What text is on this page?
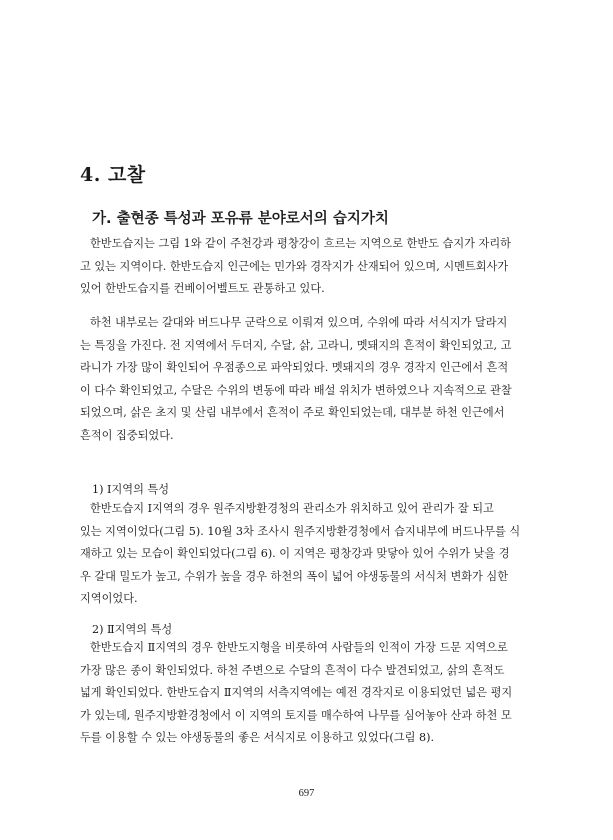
4. 고찰
가. 출현종 특성과 포유류 분야로서의 습지가치

한반도습지는 그림 1와 같이 주천강과 평창강이 흐르는 지역으로 한반도 습지가 자리하
고 있는 지역이다. 한반도습지 인근에는 민가와 경작지가 산재되어 있으며, 시멘트회사가
있어 한반도습지를 컨베이어벨트도 관통하고 있다.

하천 내부로는 갈대와 버드나무 군락으로 이뤄져 있으며, 수위에 따라 서식지가 달라지
는 특징을 가진다. 전 지역에서 두더지, 수달, 삵, 고라니, 멧돼지의 흔적이 확인되었고, 고
라니가 가장 많이 확인되어 우점종으로 파악되었다. 멧돼지의 경우 경작지 인근에서 흔적
이 다수 확인되었고, 수달은 수위의 변동에 따라 배설 위치가 변하였으나 지속적으로 관찰
되었으며, 삵은 초지 및 산림 내부에서 흔적이 주로 확인되었는데, 대부분 하천 인근에서
흔적이 집중되었다.

1) Ⅰ지역의 특성

한반도습지 Ⅰ지역의 경우 원주지방환경청의 관리소가 위치하고 있어 관리가 잘 되고
있는 지역이었다(그림 5). 10월 3차 조사시 원주지방환경청에서 습지내부에 버드나무를 식
재하고 있는 모습이 확인되었다(그림 6). 이 지역은 평창강과 맞닿아 있어 수위가 낮을 경
우 갈대 밀도가 높고, 수위가 높을 경우 하천의 폭이 넓어 야생동물의 서식처 변화가 심한
지역이었다.

2) Ⅱ지역의 특성

한반도습지 Ⅱ지역의 경우 한반도지형을 비롯하여 사람들의 인적이 가장 드문 지역으로
가장 많은 종이 확인되었다. 하천 주변으로 수달의 흔적이 다수 발견되었고, 삵의 흔적도
넓게 확인되었다. 한반도습지 Ⅱ지역의 서측지역에는 예전 경작지로 이용되었던 넓은 평지
가 있는데, 원주지방환경청에서 이 지역의 토지를 매수하여 나무를 심어놓아 산과 하천 모
두를 이용할 수 있는 야생동물의 좋은 서식지로 이용하고 있었다(그림 8).

697
